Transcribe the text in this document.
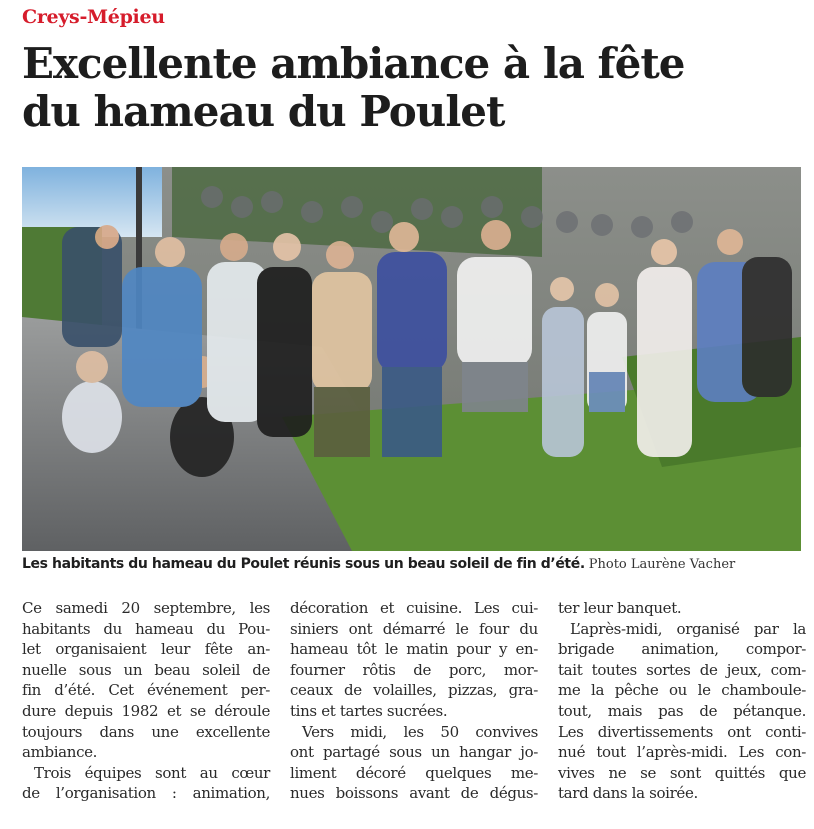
Creys-Mépieu
Excellente ambiance à la fête
du hameau du Poulet
Les habitants du hameau du Poulet réunis sous un beau soleil de fin d’été. Photo Laurène Vacher
Ce samedi 20 septembre, les
habitants du hameau du Pou-
let organisaient leur fête an-
nuelle sous un beau soleil de
fin d’été. Cet événement per-
dure depuis 1982 et se déroule
toujours dans une excellente
ambiance.
Trois équipes sont au cœur
de l’organisation : animation,
décoration et cuisine. Les cui-
siniers ont démarré le four du
hameau tôt le matin pour y en-
fourner rôtis de porc, mor-
ceaux de volailles, pizzas, gra-
tins et tartes sucrées.
Vers midi, les 50 convives
ont partagé sous un hangar jo-
liment décoré quelques me-
nues boissons avant de dégus-
ter leur banquet.
L’après-midi, organisé par la
brigade animation, compor-
tait toutes sortes de jeux, com-
me la pêche ou le chamboule-
tout, mais pas de pétanque.
Les divertissements ont conti-
nué tout l’après-midi. Les con-
vives ne se sont quittés que
tard dans la soirée.
